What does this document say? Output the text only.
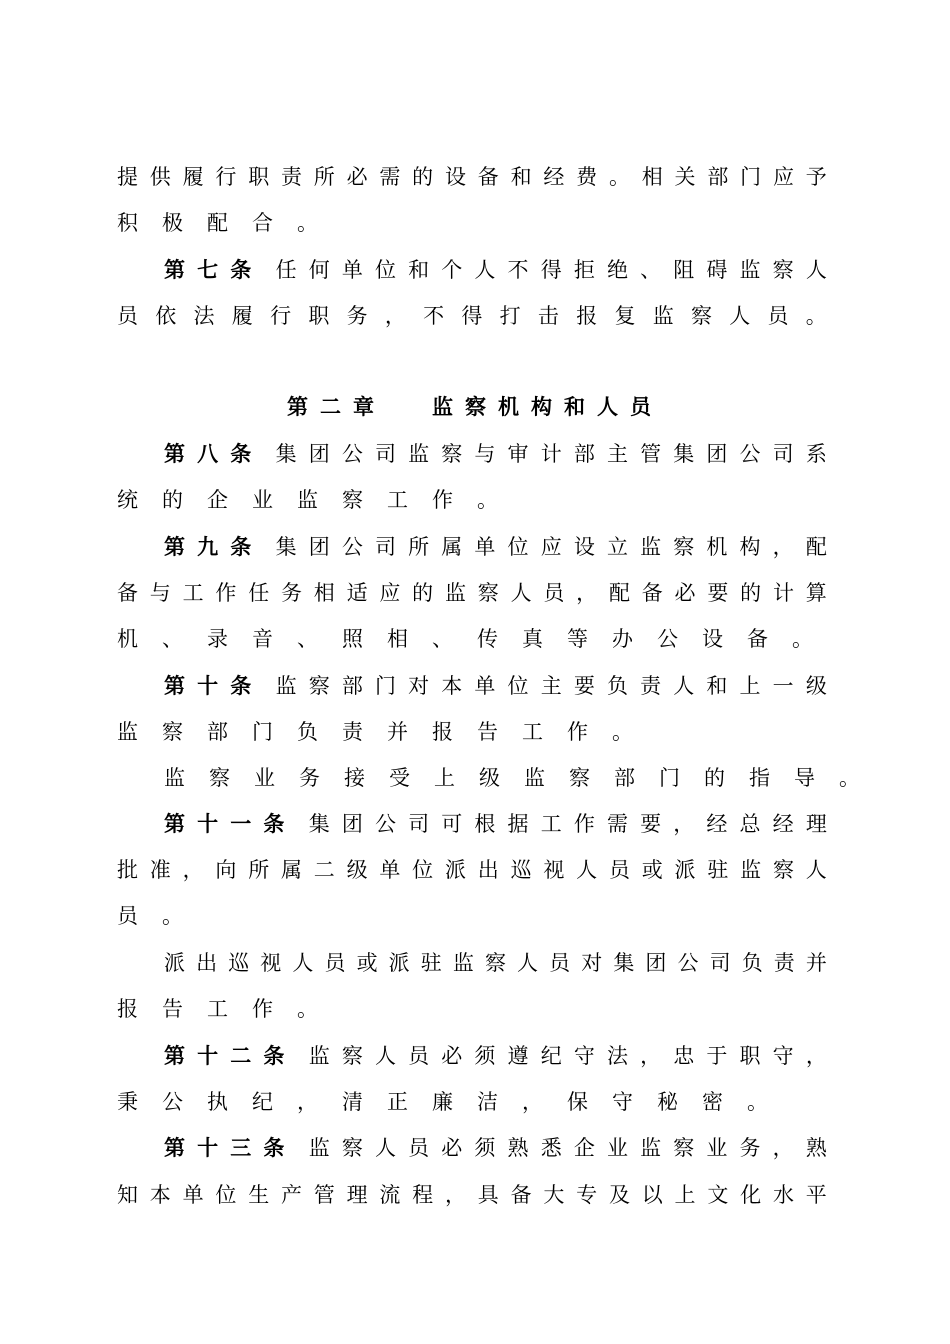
提 供 履 行 职 责 所 必 需 的 设 备 和 经 费 。 相 关 部 门 应 予
积 极 配 合 。
第 七 条 任 何 单 位 和 个 人 不 得 拒 绝 、 阻 碍 监 察 人
员 依 法 履 行 职 务 ， 不 得 打 击 报 复 监 察 人 员 。
第二章 监察机构和人员
第 八 条 集 团 公 司 监 察 与 审 计 部 主 管 集 团 公 司 系
统 的 企 业 监 察 工 作 。
第 九 条 集 团 公 司 所 属 单 位 应 设 立 监 察 机 构 ， 配
备 与 工 作 任 务 相 适 应 的 监 察 人 员 ， 配 备 必 要 的 计 算
机 、 录 音 、 照 相 、 传 真 等 办 公 设 备 。
第 十 条 监 察 部 门 对 本 单 位 主 要 负 责 人 和 上 一 级
监 察 部 门 负 责 并 报 告 工 作 。
监 察 业 务 接 受 上 级 监 察 部 门 的 指 导 。
第 十 一 条 集 团 公 司 可 根 据 工 作 需 要 ， 经 总 经 理
批 准 ， 向 所 属 二 级 单 位 派 出 巡 视 人 员 或 派 驻 监 察 人
员 。
派 出 巡 视 人 员 或 派 驻 监 察 人 员 对 集 团 公 司 负 责 并
报 告 工 作 。
第 十 二 条 监 察 人 员 必 须 遵 纪 守 法 ， 忠 于 职 守 ，
秉 公 执 纪 ， 清 正 廉 洁 ， 保 守 秘 密 。
第 十 三 条 监 察 人 员 必 须 熟 悉 企 业 监 察 业 务 ， 熟
知 本 单 位 生 产 管 理 流 程 ， 具 备 大 专 及 以 上 文 化 水 平
